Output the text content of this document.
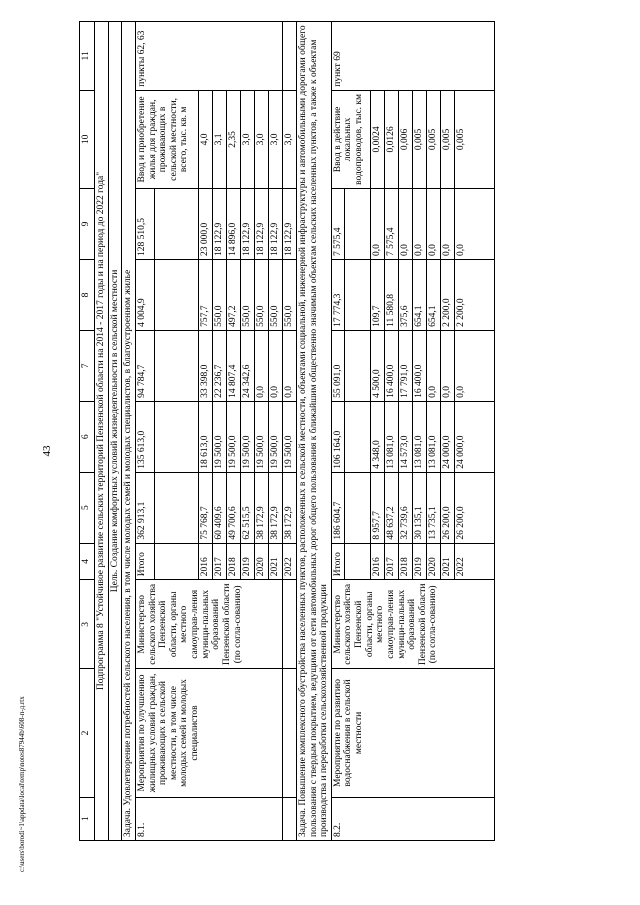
43
c:\users\borodi~1\appdata\local\temp\notes87944b\608-п-д.rtx	1	2	3	4	5	6	7	8	9	10	11
Подпрограмма 8 "Устойчивое развитие сельских территорий Пензенской области на 2014 - 2017 годы и на период до 2022 года"										
Цель. Создание комфортных условий жизнедеятельности в сельской местности										
Задача. Удовлетворение потребностей сельского населения, в том числе молодых семей и молодых специалистов, в благоустроенном жилье										
8.1.	Мероприятия по улучшению жилищных условий граждан, проживающих в сельской местности, в том числе молодых семей и молодых специалистов	Министерство сельского хозяйства Пензенской области, органы местного самоуправ-ления муници-пальных образований Пензенской области (по согла-сованию)	Итого	362 913,1	135 613,0	94 784,7	4 004,9	128 510,5	Ввод и приобретение жилья для граждан, проживающих в сельской местности, всего, тыс. кв. м	пункты 62, 63

			2016	75 768,7	18 613,0	33 398,0	757,7	23 000,0	4,0	
			2017	60 409,6	19 500,0	22 236,7	550,0	18 122,9	3,1	
			2018	49 700,6	19 500,0	14 807,4	497,2	14 896,0	2,35	
			2019	62 515,5	19 500,0	24 342,6	550,0	18 122,9	3,0	
			2020	38 172,9	19 500,0	0,0	550,0	18 122,9	3,0	
			2021	38 172,9	19 500,0	0,0	550,0	18 122,9	3,0	
			2022	38 172,9	19 500,0	0,0	550,0	18 122,9	3,0	
Задача. Повышение комплексного обустройства населенных пунктов, расположенных в сельской местности, объектами социальной, инженерной инфраструктуры и автомобильными дорогами общего пользования с твердым покрытием, ведущими от сети автомобильных дорог общего пользования к ближайшим общественно значимым объектам сельских населенных пунктов, а также к объектам производства и переработки сельскохозяйственной продукции										
8.2.	Мероприятие по развитию водоснабжения в сельской местности	Министерство сельского хозяйства Пензенской области, органы местного самоуправ-ления муници-пальных образований Пензенской области (по согла-сованию)	Итого	186 604,7	106 164,0	55 091,0	17 774,3	7 575,4	Ввод в действие локальных водопроводов, тыс. км	пункт 69

			2016	8 957,7	4 348,0	4 500,0	109,7	0,0	0,0024	
			2017	48 637,2	13 081,0	16 400,0	11 580,8	7 575,4	0,0126	
			2018	32 739,6	14 573,0	17 791,0	375,6	0,0	0,006	
			2019	30 135,1	13 081,0	16 400,0	654,1	0,0	0,005	
			2020	13 735,1	13 081,0	0,0	654,1	0,0	0,005	
			2021	26 200,0	24 000,0	0,0	2 200,0	0,0	0,005	
			2022	26 200,0	24 000,0	0,0	2 200,0	0,0	0,005	
